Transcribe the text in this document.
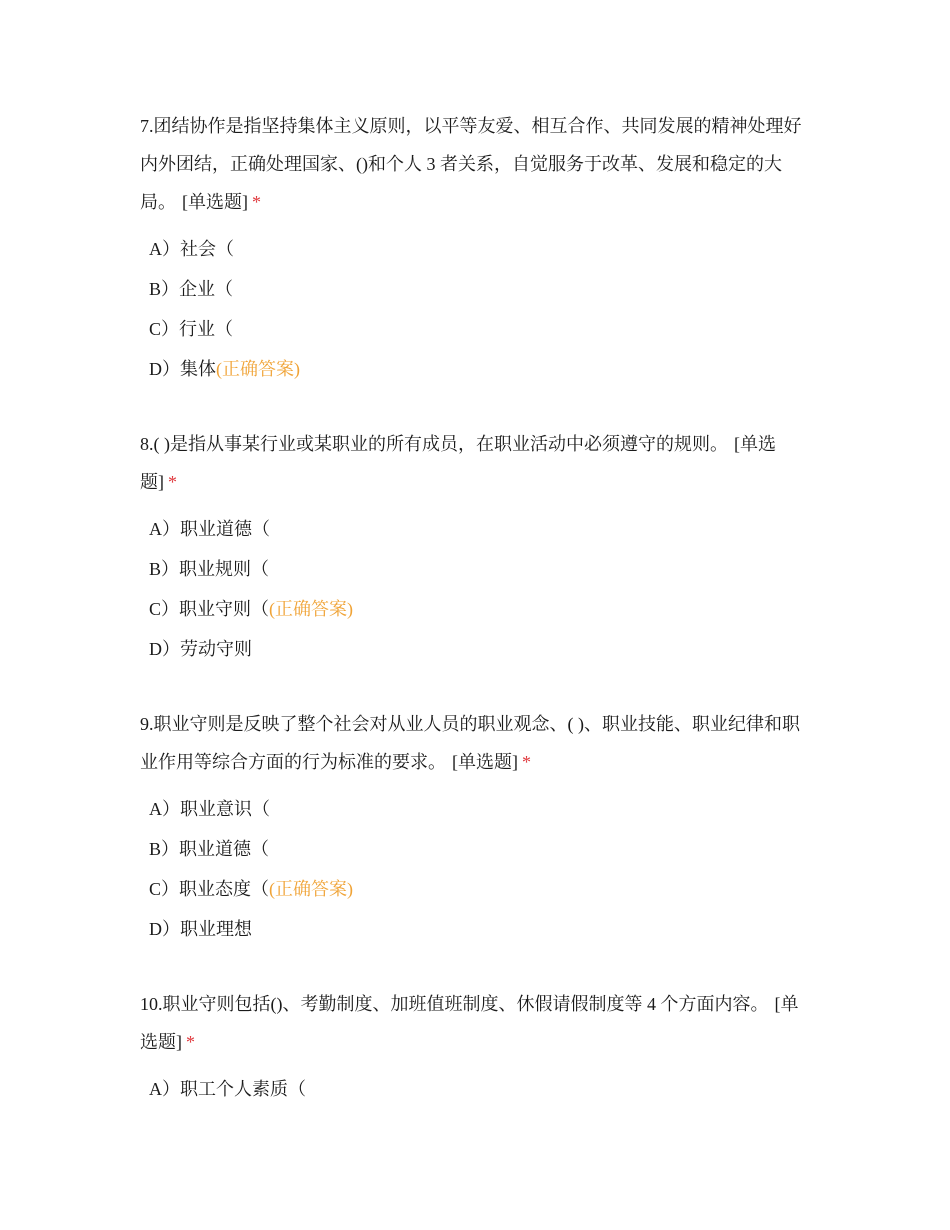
7.团结协作是指坚持集体主义原则，以平等友爱、相互合作、共同发展的精神处理好内外团结，正确处理国家、()和个人 3 者关系，自觉服务于改革、发展和稳定的大局。 [单选题] *

A）社会（
B）企业（
C）行业（
D）集体(正确答案)

8.( )是指从事某行业或某职业的所有成员，在职业活动中必须遵守的规则。 [单选题] *

A）职业道德（
B）职业规则（
C）职业守则（(正确答案)
D）劳动守则

9.职业守则是反映了整个社会对从业人员的职业观念、( )、职业技能、职业纪律和职业作用等综合方面的行为标准的要求。 [单选题] *

A）职业意识（
B）职业道德（
C）职业态度（(正确答案)
D）职业理想

10.职业守则包括()、考勤制度、加班值班制度、休假请假制度等 4 个方面内容。 [单选题] *

A）职工个人素质（
